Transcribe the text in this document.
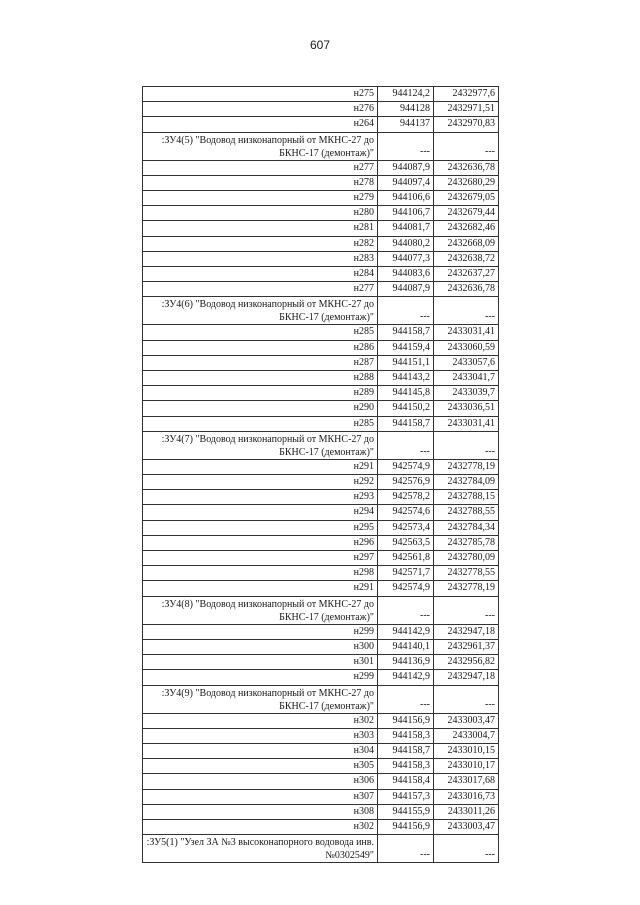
607
н275	944124,2	2432977,6
н276	944128	2432971,51
н264	944137	2432970,83
:ЗУ4(5) "Водовод низконапорный от МКНС-27 до БКНС-17 (демонтаж)"	---	---
н277	944087,9	2432636,78
н278	944097,4	2432680,29
н279	944106,6	2432679,05
н280	944106,7	2432679,44
н281	944081,7	2432682,46
н282	944080,2	2432668,09
н283	944077,3	2432638,72
н284	944083,6	2432637,27
н277	944087,9	2432636,78
:ЗУ4(6) "Водовод низконапорный от МКНС-27 до БКНС-17 (демонтаж)"	---	---
н285	944158,7	2433031,41
н286	944159,4	2433060,59
н287	944151,1	2433057,6
н288	944143,2	2433041,7
н289	944145,8	2433039,7
н290	944150,2	2433036,51
н285	944158,7	2433031,41
:ЗУ4(7) "Водовод низконапорный от МКНС-27 до БКНС-17 (демонтаж)"	---	---
н291	942574,9	2432778,19
н292	942576,9	2432784,09
н293	942578,2	2432788,15
н294	942574,6	2432788,55
н295	942573,4	2432784,34
н296	942563,5	2432785,78
н297	942561,8	2432780,09
н298	942571,7	2432778,55
н291	942574,9	2432778,19
:ЗУ4(8) "Водовод низконапорный от МКНС-27 до БКНС-17 (демонтаж)"	---	---
н299	944142,9	2432947,18
н300	944140,1	2432961,37
н301	944136,9	2432956,82
н299	944142,9	2432947,18
:ЗУ4(9) "Водовод низконапорный от МКНС-27 до БКНС-17 (демонтаж)"	---	---
н302	944156,9	2433003,47
н303	944158,3	2433004,7
н304	944158,7	2433010,15
н305	944158,3	2433010,17
н306	944158,4	2433017,68
н307	944157,3	2433016,73
н308	944155,9	2433011,26
н302	944156,9	2433003,47
:ЗУ5(1) "Узел ЗА №3 высоконапорного водовода инв. №0302549"	---	---
